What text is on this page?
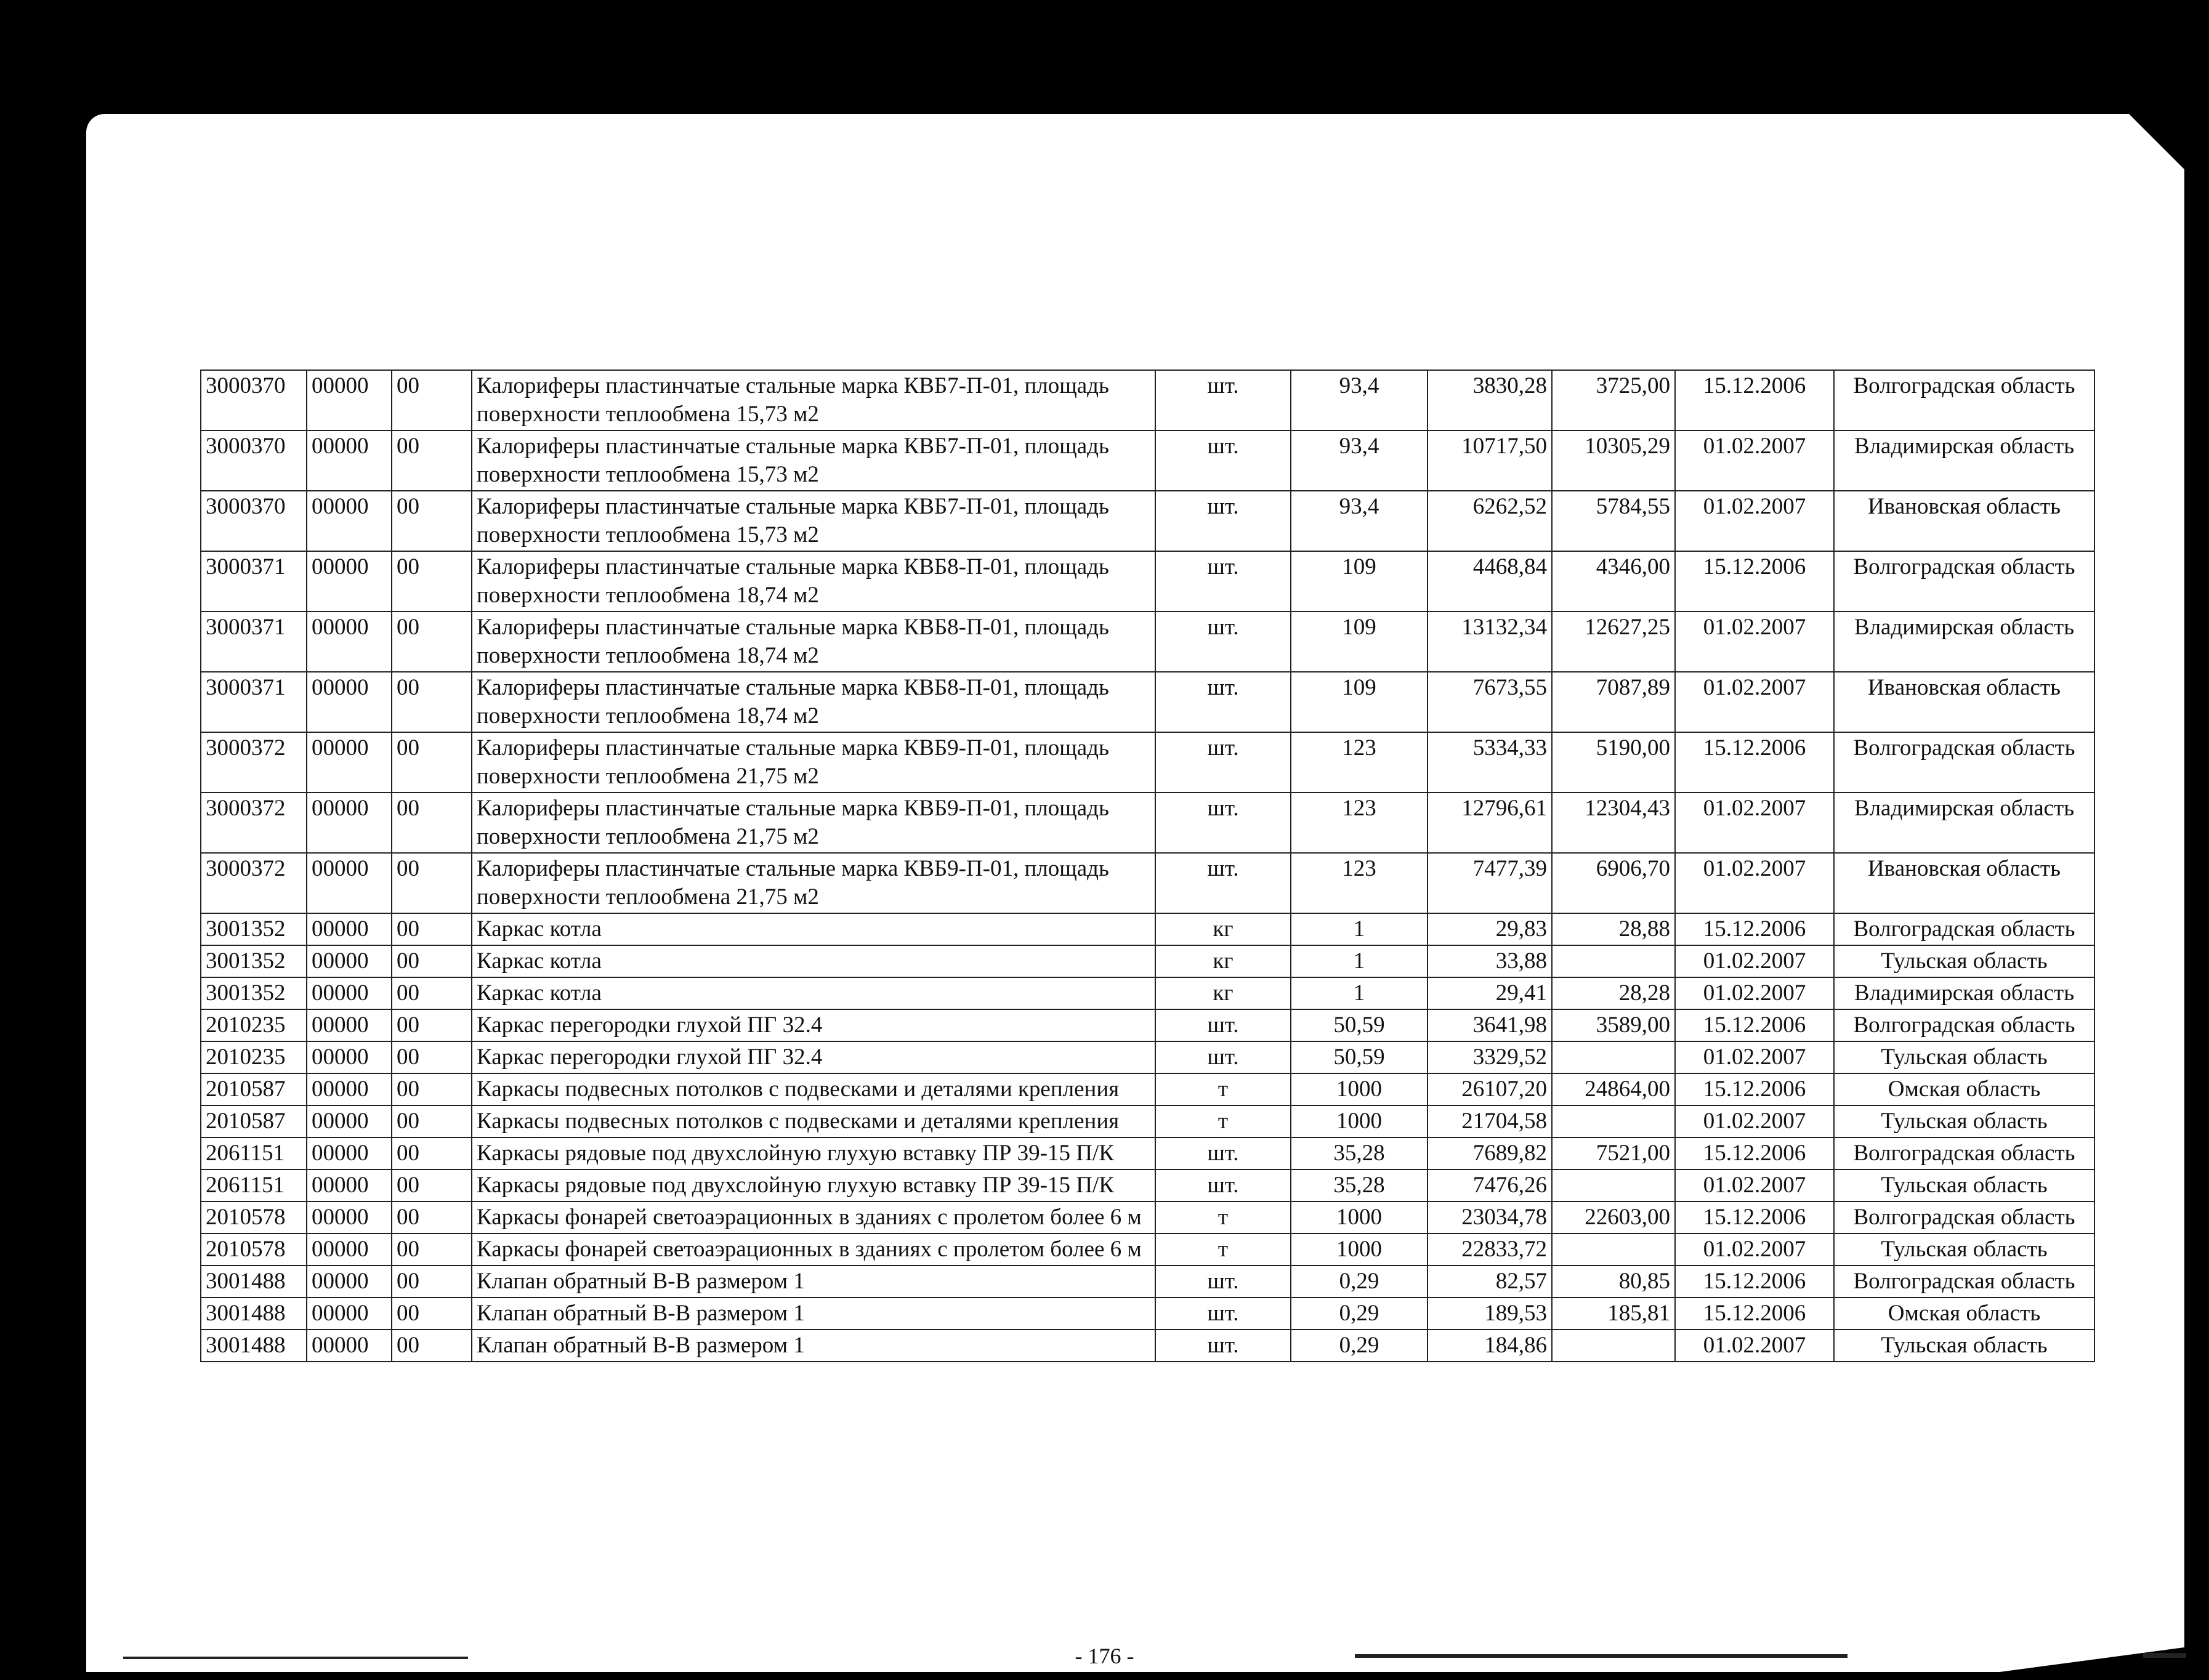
3000370	00000	00	Калориферы пластинчатые стальные марка КВБ7-П-01, площадь поверхности теплообмена 15,73 м2	шт.	93,4	3830,28	3725,00	15.12.2006	Волгоградская область
3000370	00000	00	Калориферы пластинчатые стальные марка КВБ7-П-01, площадь поверхности теплообмена 15,73 м2	шт.	93,4	10717,50	10305,29	01.02.2007	Владимирская область
3000370	00000	00	Калориферы пластинчатые стальные марка КВБ7-П-01, площадь поверхности теплообмена 15,73 м2	шт.	93,4	6262,52	5784,55	01.02.2007	Ивановская область
3000371	00000	00	Калориферы пластинчатые стальные марка КВБ8-П-01, площадь поверхности теплообмена 18,74 м2	шт.	109	4468,84	4346,00	15.12.2006	Волгоградская область
3000371	00000	00	Калориферы пластинчатые стальные марка КВБ8-П-01, площадь поверхности теплообмена 18,74 м2	шт.	109	13132,34	12627,25	01.02.2007	Владимирская область
3000371	00000	00	Калориферы пластинчатые стальные марка КВБ8-П-01, площадь поверхности теплообмена 18,74 м2	шт.	109	7673,55	7087,89	01.02.2007	Ивановская область
3000372	00000	00	Калориферы пластинчатые стальные марка КВБ9-П-01, площадь поверхности теплообмена 21,75 м2	шт.	123	5334,33	5190,00	15.12.2006	Волгоградская область
3000372	00000	00	Калориферы пластинчатые стальные марка КВБ9-П-01, площадь поверхности теплообмена 21,75 м2	шт.	123	12796,61	12304,43	01.02.2007	Владимирская область
3000372	00000	00	Калориферы пластинчатые стальные марка КВБ9-П-01, площадь поверхности теплообмена 21,75 м2	шт.	123	7477,39	6906,70	01.02.2007	Ивановская область
3001352	00000	00	Каркас котла	кг	1	29,83	28,88	15.12.2006	Волгоградская область
3001352	00000	00	Каркас котла	кг	1	33,88		01.02.2007	Тульская область
3001352	00000	00	Каркас котла	кг	1	29,41	28,28	01.02.2007	Владимирская область
2010235	00000	00	Каркас перегородки глухой ПГ 32.4	шт.	50,59	3641,98	3589,00	15.12.2006	Волгоградская область
2010235	00000	00	Каркас перегородки глухой ПГ 32.4	шт.	50,59	3329,52		01.02.2007	Тульская область
2010587	00000	00	Каркасы подвесных потолков с подвесками и деталями крепления	т	1000	26107,20	24864,00	15.12.2006	Омская область
2010587	00000	00	Каркасы подвесных потолков с подвесками и деталями крепления	т	1000	21704,58		01.02.2007	Тульская область
2061151	00000	00	Каркасы рядовые под двухслойную глухую вставку ПР 39-15 П/К	шт.	35,28	7689,82	7521,00	15.12.2006	Волгоградская область
2061151	00000	00	Каркасы рядовые под двухслойную глухую вставку ПР 39-15 П/К	шт.	35,28	7476,26		01.02.2007	Тульская область
2010578	00000	00	Каркасы фонарей светоаэрационных в зданиях с пролетом более 6 м	т	1000	23034,78	22603,00	15.12.2006	Волгоградская область
2010578	00000	00	Каркасы фонарей светоаэрационных в зданиях с пролетом более 6 м	т	1000	22833,72		01.02.2007	Тульская область
3001488	00000	00	Клапан обратный В-В размером 1	шт.	0,29	82,57	80,85	15.12.2006	Волгоградская область
3001488	00000	00	Клапан обратный В-В размером 1	шт.	0,29	189,53	185,81	15.12.2006	Омская область
3001488	00000	00	Клапан обратный В-В размером 1	шт.	0,29	184,86		01.02.2007	Тульская область
- 176 -
